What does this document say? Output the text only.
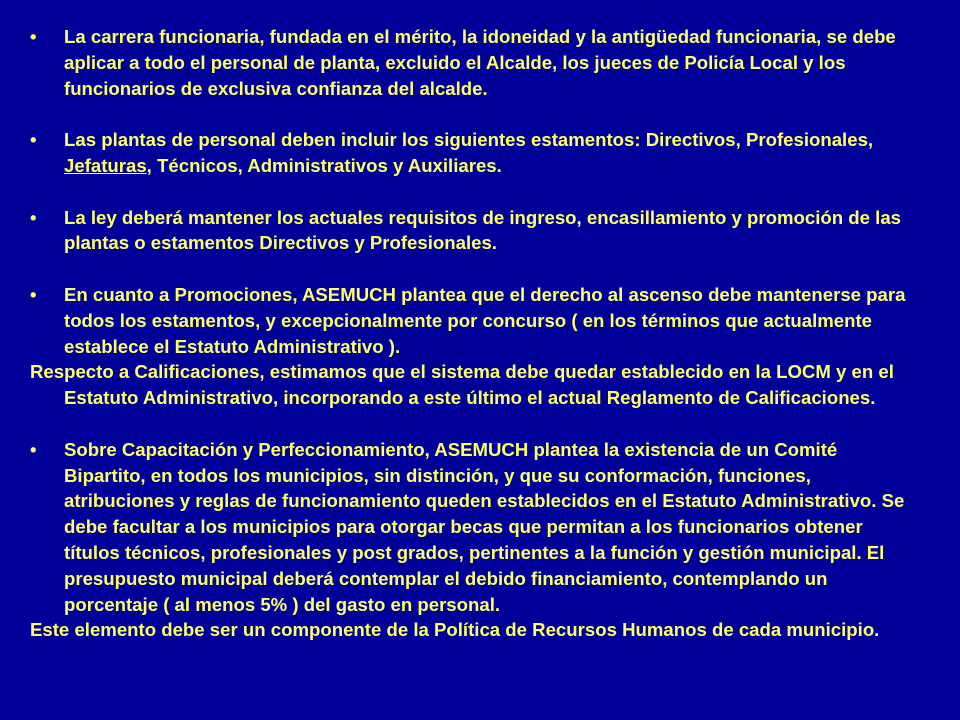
• La carrera funcionaria, fundada en el mérito, la idoneidad y la antigüedad funcionaria, se debe aplicar a todo el personal de planta, excluido el Alcalde, los jueces de Policía Local y los funcionarios de exclusiva confianza del alcalde.
• Las plantas de personal deben incluir los siguientes estamentos: Directivos, Profesionales, Jefaturas, Técnicos, Administrativos y Auxiliares.
• La ley deberá mantener los actuales requisitos de ingreso, encasillamiento y promoción de las plantas o estamentos Directivos y Profesionales.
• En cuanto a Promociones, ASEMUCH plantea que el derecho al ascenso debe mantenerse para todos los estamentos, y excepcionalmente por concurso ( en los términos que actualmente establece el Estatuto Administrativo ).
Respecto a Calificaciones, estimamos que el sistema debe quedar establecido en la LOCM y en el Estatuto Administrativo, incorporando a este último el actual Reglamento de Calificaciones.
• Sobre Capacitación y Perfeccionamiento, ASEMUCH plantea la existencia de un Comité Bipartito, en todos los municipios, sin distinción, y que su conformación, funciones, atribuciones y reglas de funcionamiento queden establecidos en el Estatuto Administrativo. Se debe facultar a los municipios para otorgar becas que permitan a los funcionarios obtener títulos técnicos, profesionales y post grados, pertinentes a la función y gestión municipal. El presupuesto municipal deberá contemplar el debido financiamiento, contemplando un porcentaje ( al menos 5% ) del gasto en personal.
Este elemento debe ser un componente de la Política de Recursos Humanos de cada municipio.
